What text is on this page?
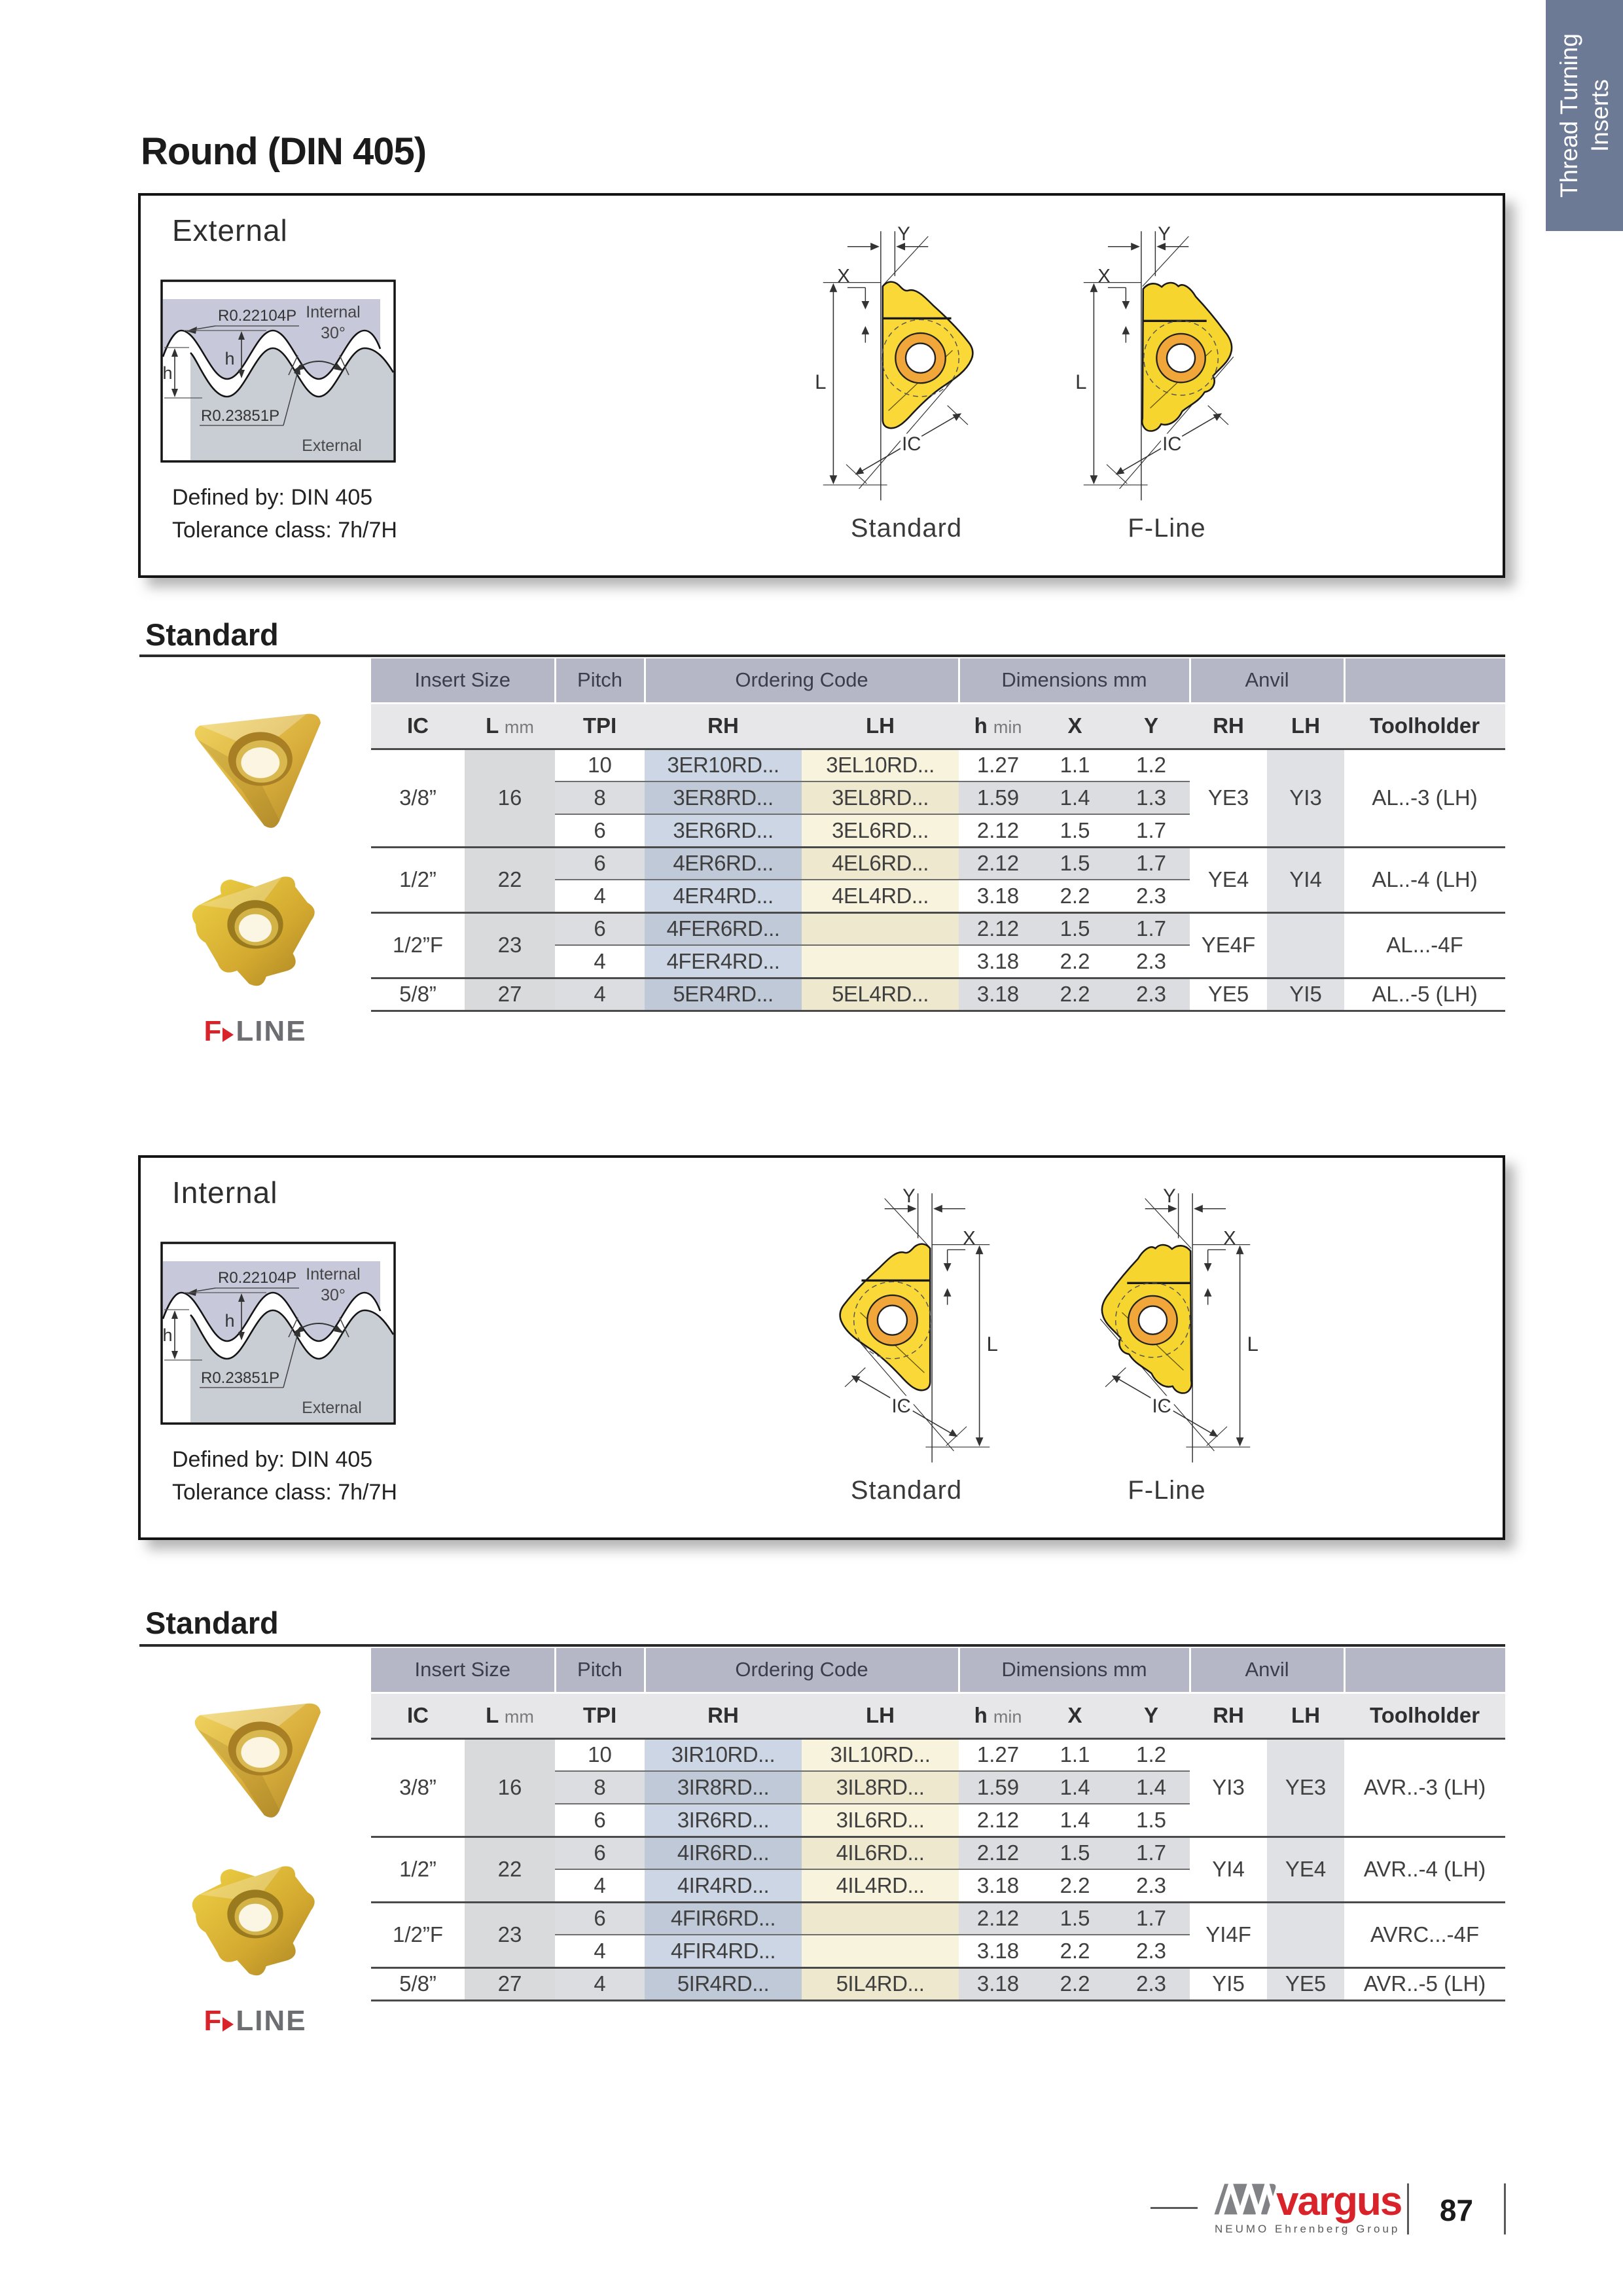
Thread Turning Inserts
Round (DIN 405)
External
Defined by: DIN 405
Tolerance class: 7h/7H
Y
X
L
IC
Standard
Y
X
L
IC
F-Line
Standard
F LINE
Insert Size		Pitch	Ordering Code		Dimensions mm			Anvil		
IC	L mm	TPI	RH	LH	h min	X	Y	RH	LH	Toolholder
3/8”	16	10	3ER10RD...	3EL10RD...	1.27	1.1	1.2	YE3	YI3	AL..-3 (LH)
		8	3ER8RD...	3EL8RD...	1.59	1.4	1.3			
		6	3ER6RD...	3EL6RD...	2.12	1.5	1.7			
1/2”	22	6	4ER6RD...	4EL6RD...	2.12	1.5	1.7	YE4	YI4	AL..-4 (LH)
		4	4ER4RD...	4EL4RD...	3.18	2.2	2.3			
1/2”F	23	6	4FER6RD...		2.12	1.5	1.7	YE4F		AL...-4F
		4	4FER4RD...		3.18	2.2	2.3			
5/8”	27	4	5ER4RD...	5EL4RD...	3.18	2.2	2.3	YE5	YI5	AL..-5 (LH)
Internal
Defined by: DIN 405
Tolerance class: 7h/7H
Y
X
L
IC
Standard
Y
X
L
IC
F-Line
Standard
F LINE
Insert Size		Pitch	Ordering Code		Dimensions mm			Anvil		
IC	L mm	TPI	RH	LH	h min	X	Y	RH	LH	Toolholder
3/8”	16	10	3IR10RD...	3IL10RD...	1.27	1.1	1.2	YI3	YE3	AVR..-3 (LH)
		8	3IR8RD...	3IL8RD...	1.59	1.4	1.4			
		6	3IR6RD...	3IL6RD...	2.12	1.4	1.5			
1/2”	22	6	4IR6RD...	4IL6RD...	2.12	1.5	1.7	YI4	YE4	AVR..-4 (LH)
		4	4IR4RD...	4IL4RD...	3.18	2.2	2.3			
1/2”F	23	6	4FIR6RD...		2.12	1.5	1.7	YI4F		AVRC...-4F
		4	4FIR4RD...		3.18	2.2	2.3			
5/8”	27	4	5IR4RD...	5IL4RD...	3.18	2.2	2.3	YI5	YE5	AVR..-5 (LH)
vargus
NEUMO Ehrenberg Group
87
